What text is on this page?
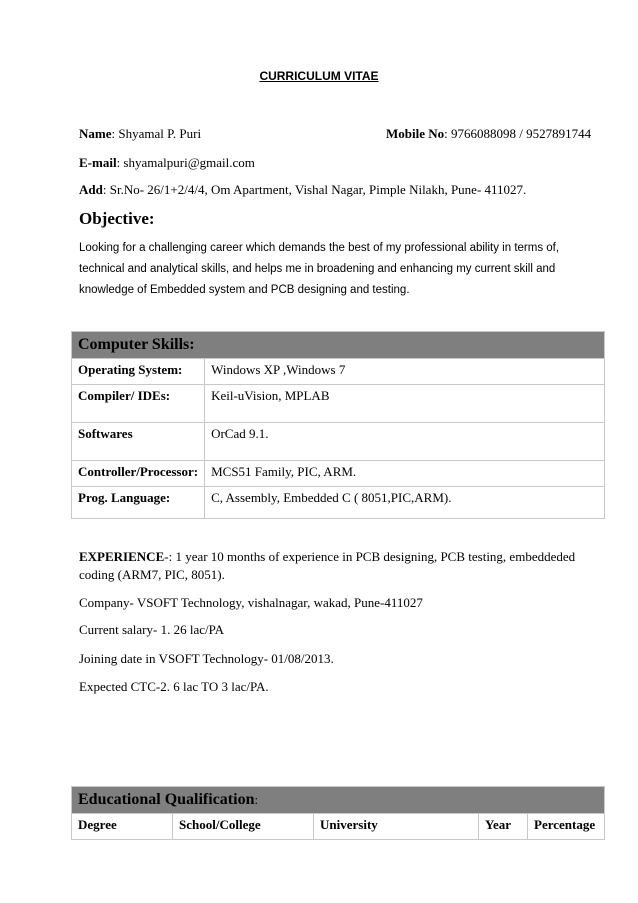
CURRICULUM VITAE
Name: Shyamal P. Puri	Mobile No: 9766088098 / 9527891744
E-mail: shyamalpuri@gmail.com
Add: Sr.No- 26/1+2/4/4, Om Apartment, Vishal Nagar, Pimple Nilakh, Pune- 411027.
Objective:
Looking for a challenging career which demands the best of my professional ability in terms of, technical and analytical skills, and helps me in broadening and enhancing my current skill and knowledge of Embedded system and PCB designing and testing.
Computer Skills:	
Operating System:	Windows XP ,Windows 7
Compiler/ IDEs:	Keil-uVision, MPLAB
Softwares	OrCad 9.1.
Controller/Processor:	MCS51 Family, PIC, ARM.
Prog. Language:	C, Assembly, Embedded C ( 8051,PIC,ARM).
EXPERIENCE-: 1 year 10 months of experience in PCB designing, PCB testing, embeddeded coding (ARM7, PIC, 8051).
Company- VSOFT Technology, vishalnagar, wakad, Pune-411027
Current salary- 1. 26 lac/PA
Joining date in VSOFT Technology- 01/08/2013.
Expected CTC-2. 6 lac TO 3 lac/PA.
Educational Qualification:
Degree	School/College	University	Year	Percentage
